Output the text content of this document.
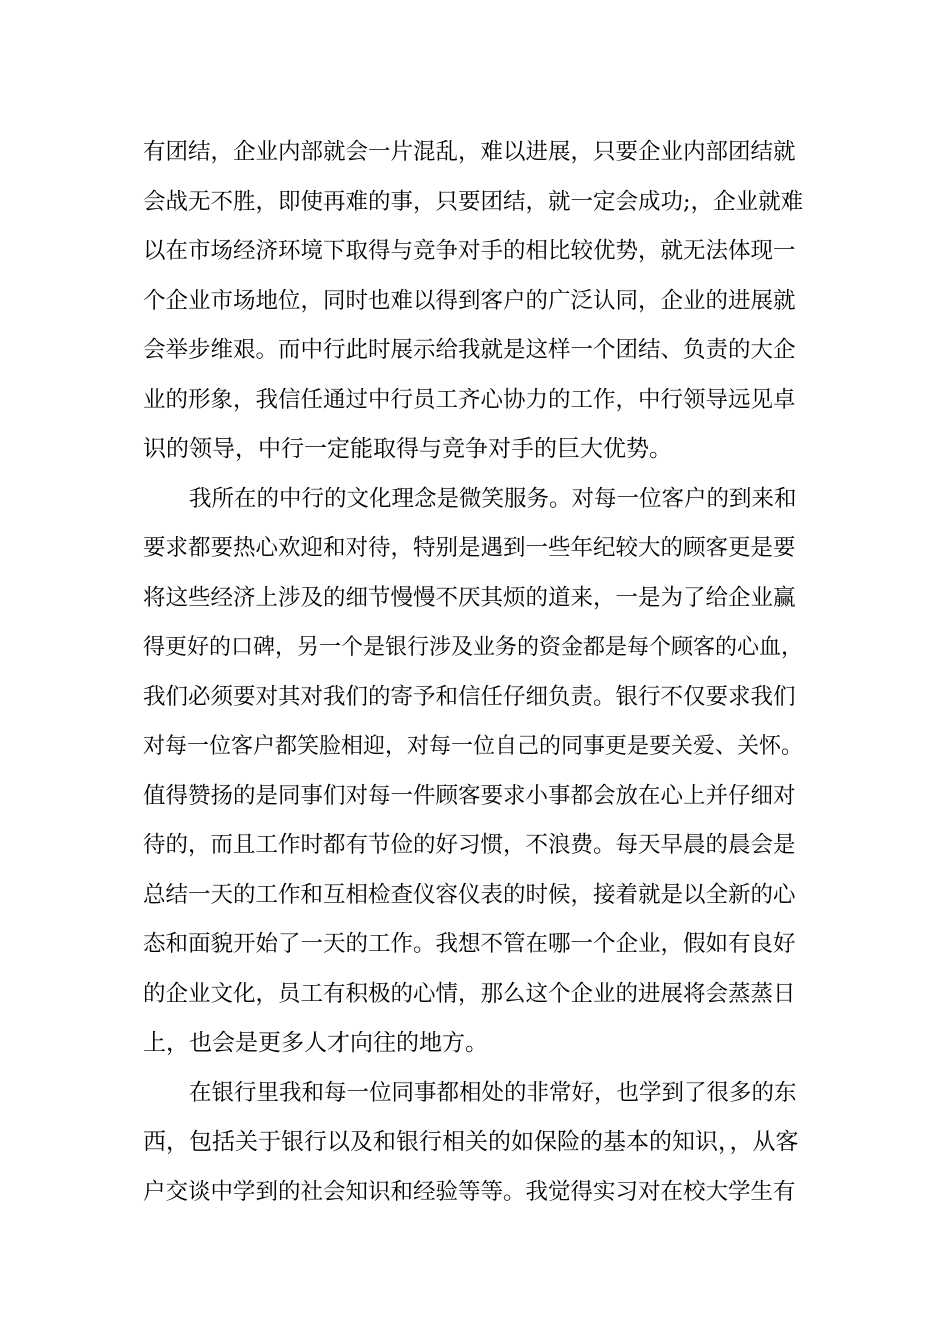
有团结，企业内部就会一片混乱，难以进展，只要企业内部团结就
会战无不胜，即使再难的事，只要团结，就一定会成功;，企业就难
以在市场经济环境下取得与竞争对手的相比较优势，就无法体现一
个企业市场地位，同时也难以得到客户的广泛认同，企业的进展就
会举步维艰。而中行此时展示给我就是这样一个团结、负责的大企
业的形象，我信任通过中行员工齐心协力的工作，中行领导远见卓
识的领导，中行一定能取得与竞争对手的巨大优势。
我所在的中行的文化理念是微笑服务。对每一位客户的到来和
要求都要热心欢迎和对待，特别是遇到一些年纪较大的顾客更是要
将这些经济上涉及的细节慢慢不厌其烦的道来，一是为了给企业赢
得更好的口碑，另一个是银行涉及业务的资金都是每个顾客的心血，
我们必须要对其对我们的寄予和信任仔细负责。银行不仅要求我们
对每一位客户都笑脸相迎，对每一位自己的同事更是要关爱、关怀。
值得赞扬的是同事们对每一件顾客要求小事都会放在心上并仔细对
待的，而且工作时都有节俭的好习惯，不浪费。每天早晨的晨会是
总结一天的工作和互相检查仪容仪表的时候，接着就是以全新的心
态和面貌开始了一天的工作。我想不管在哪一个企业，假如有良好
的企业文化，员工有积极的心情，那么这个企业的进展将会蒸蒸日
上，也会是更多人才向往的地方。
在银行里我和每一位同事都相处的非常好，也学到了很多的东
西，包括关于银行以及和银行相关的如保险的基本的知识，，从客
户交谈中学到的社会知识和经验等等。我觉得实习对在校大学生有
